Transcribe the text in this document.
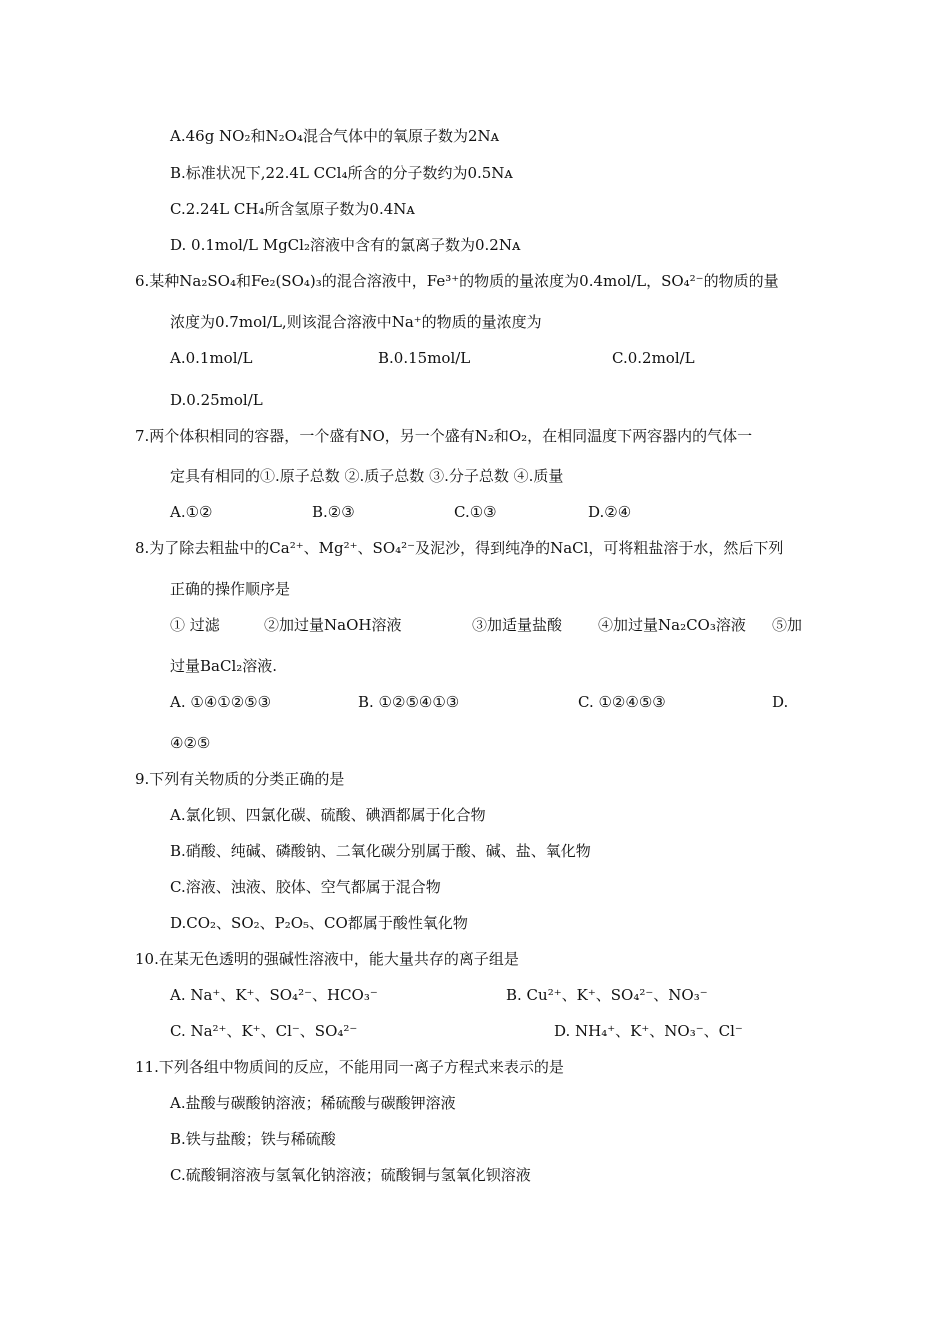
A.46g NO₂和N₂O₄混合气体中的氧原子数为2Nᴀ
B.标准状况下,22.4L CCl₄所含的分子数约为0.5Nᴀ
C.2.24L CH₄所含氢原子数为0.4Nᴀ
D. 0.1mol/L MgCl₂溶液中含有的氯离子数为0.2Nᴀ
6.某种Na₂SO₄和Fe₂(SO₄)₃的混合溶液中，Fe³⁺的物质的量浓度为0.4mol/L，SO₄²⁻的物质的量
浓度为0.7mol/L,则该混合溶液中Na⁺的物质的量浓度为
A.0.1mol/L	B.0.15mol/L	C.0.2mol/L
D.0.25mol/L
7.两个体积相同的容器，一个盛有NO，另一个盛有N₂和O₂，在相同温度下两容器内的气体一
定具有相同的①.原子总数 ②.质子总数 ③.分子总数 ④.质量
A.①②	B.②③	C.①③	D.②④
8.为了除去粗盐中的Ca²⁺、Mg²⁺、SO₄²⁻及泥沙，得到纯净的NaCl，可将粗盐溶于水，然后下列
正确的操作顺序是
① 过滤	②加过量NaOH溶液	③加适量盐酸 ④加过量Na₂CO₃溶液 ⑤加
过量BaCl₂溶液.
A. ①④①②⑤③	B. ①②⑤④①③	C. ①②④⑤③	D.
④②⑤
9.下列有关物质的分类正确的是
A.氯化钡、四氯化碳、硫酸、碘酒都属于化合物
B.硝酸、纯碱、磷酸钠、二氧化碳分别属于酸、碱、盐、氧化物
C.溶液、浊液、胶体、空气都属于混合物
D.CO₂、SO₂、P₂O₅、CO都属于酸性氧化物
10.在某无色透明的强碱性溶液中，能大量共存的离子组是
A. Na⁺、K⁺、SO₄²⁻、HCO₃⁻	B. Cu²⁺、K⁺、SO₄²⁻、NO₃⁻
C. Na²⁺、K⁺、Cl⁻、SO₄²⁻	D. NH₄⁺、K⁺、NO₃⁻、Cl⁻
11.下列各组中物质间的反应，不能用同一离子方程式来表示的是
A.盐酸与碳酸钠溶液；稀硫酸与碳酸钾溶液
B.铁与盐酸；铁与稀硫酸
C.硫酸铜溶液与氢氧化钠溶液；硫酸铜与氢氧化钡溶液
